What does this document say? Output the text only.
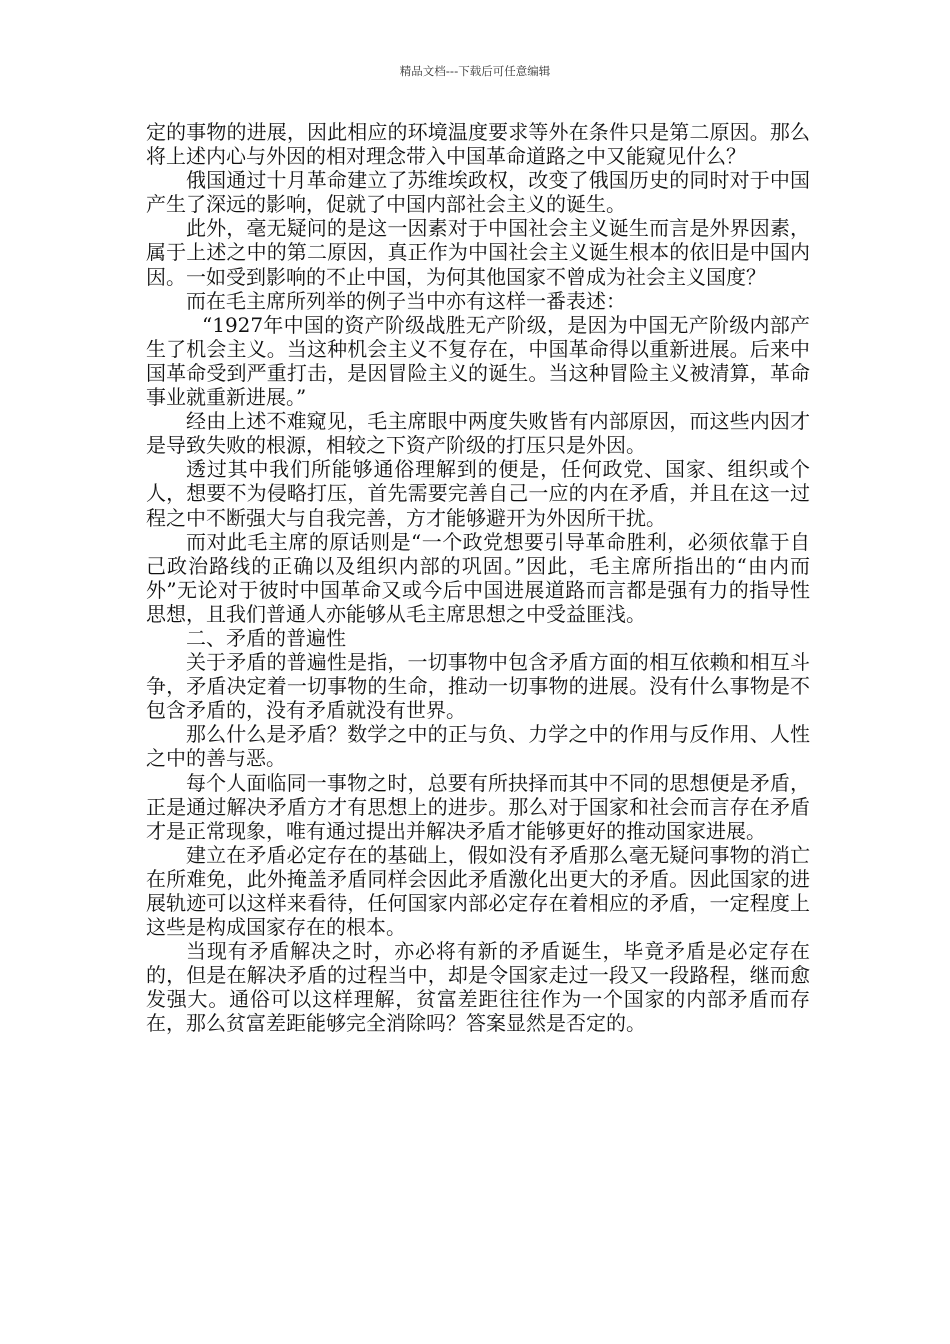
精品文档---下载后可任意编辑

定的事物的进展，因此相应的环境温度要求等外在条件只是第二原因。那么将上述内心与外因的相对理念带入中国革命道路之中又能窥见什么？

俄国通过十月革命建立了苏维埃政权，改变了俄国历史的同时对于中国产生了深远的影响，促就了中国内部社会主义的诞生。

此外，毫无疑问的是这一因素对于中国社会主义诞生而言是外界因素，属于上述之中的第二原因，真正作为中国社会主义诞生根本的依旧是中国内因。一如受到影响的不止中国，为何其他国家不曾成为社会主义国度？

而在毛主席所列举的例子当中亦有这样一番表述：

“1927年中国的资产阶级战胜无产阶级，是因为中国无产阶级内部产生了机会主义。当这种机会主义不复存在，中国革命得以重新进展。后来中国革命受到严重打击，是因冒险主义的诞生。当这种冒险主义被清算，革命事业就重新进展。”

经由上述不难窥见，毛主席眼中两度失败皆有内部原因，而这些内因才是导致失败的根源，相较之下资产阶级的打压只是外因。

透过其中我们所能够通俗理解到的便是，任何政党、国家、组织或个人，想要不为侵略打压，首先需要完善自己一应的内在矛盾，并且在这一过程之中不断强大与自我完善，方才能够避开为外因所干扰。

而对此毛主席的原话则是“一个政党想要引导革命胜利，必须依靠于自己政治路线的正确以及组织内部的巩固。”因此，毛主席所指出的“由内而外”无论对于彼时中国革命又或今后中国进展道路而言都是强有力的指导性思想，且我们普通人亦能够从毛主席思想之中受益匪浅。

二、矛盾的普遍性

关于矛盾的普遍性是指，一切事物中包含矛盾方面的相互依赖和相互斗争，矛盾决定着一切事物的生命，推动一切事物的进展。没有什么事物是不包含矛盾的，没有矛盾就没有世界。

那么什么是矛盾？数学之中的正与负、力学之中的作用与反作用、人性之中的善与恶。

每个人面临同一事物之时，总要有所抉择而其中不同的思想便是矛盾，正是通过解决矛盾方才有思想上的进步。那么对于国家和社会而言存在矛盾才是正常现象，唯有通过提出并解决矛盾才能够更好的推动国家进展。

建立在矛盾必定存在的基础上，假如没有矛盾那么毫无疑问事物的消亡在所难免，此外掩盖矛盾同样会因此矛盾激化出更大的矛盾。因此国家的进展轨迹可以这样来看待，任何国家内部必定存在着相应的矛盾，一定程度上这些是构成国家存在的根本。

当现有矛盾解决之时，亦必将有新的矛盾诞生，毕竟矛盾是必定存在的，但是在解决矛盾的过程当中，却是令国家走过一段又一段路程，继而愈发强大。通俗可以这样理解，贫富差距往往作为一个国家的内部矛盾而存在，那么贫富差距能够完全消除吗？答案显然是否定的。
